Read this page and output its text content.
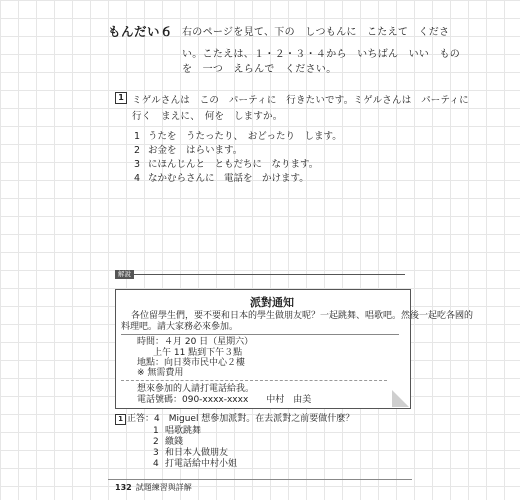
もんだい６ 右のページを見て、下の　しつもんに　こたえて　くださ
い。こたえは、１・２・３・４から　いちばん　いい　もの
を　一つ　えらんで　ください。
1 ミゲルさんは　この　パーティに　行きたいです。ミゲルさんは　パーティに
行く　まえに、　何を　しますか。
1 うたを　うたったり、　おどったり　します。
2 お金を　はらいます。
3 にほんじんと　ともだちに　なります。
4 なかむらさんに　電話を　かけます。
解說
派對通知
各位留學生們，要不要和日本的學生做朋友呢？一起跳舞、唱歌吧。然後一起吃各國的
料理吧。請大家務必來參加。
時間：４月 20 日（星期六）
上午 11 點到下午３點
地點：向日葵市民中心２樓
※ 無需費用
想來參加的人請打電話給我。
電話號碼：090-xxxx-xxxx　　中村　由美
1 正答：4　Miguel 想參加派對。在去派對之前要做什麼？
1 唱歌跳舞
2 繳錢
3 和日本人做朋友
4 打電話給中村小姐
132 試題練習與詳解
